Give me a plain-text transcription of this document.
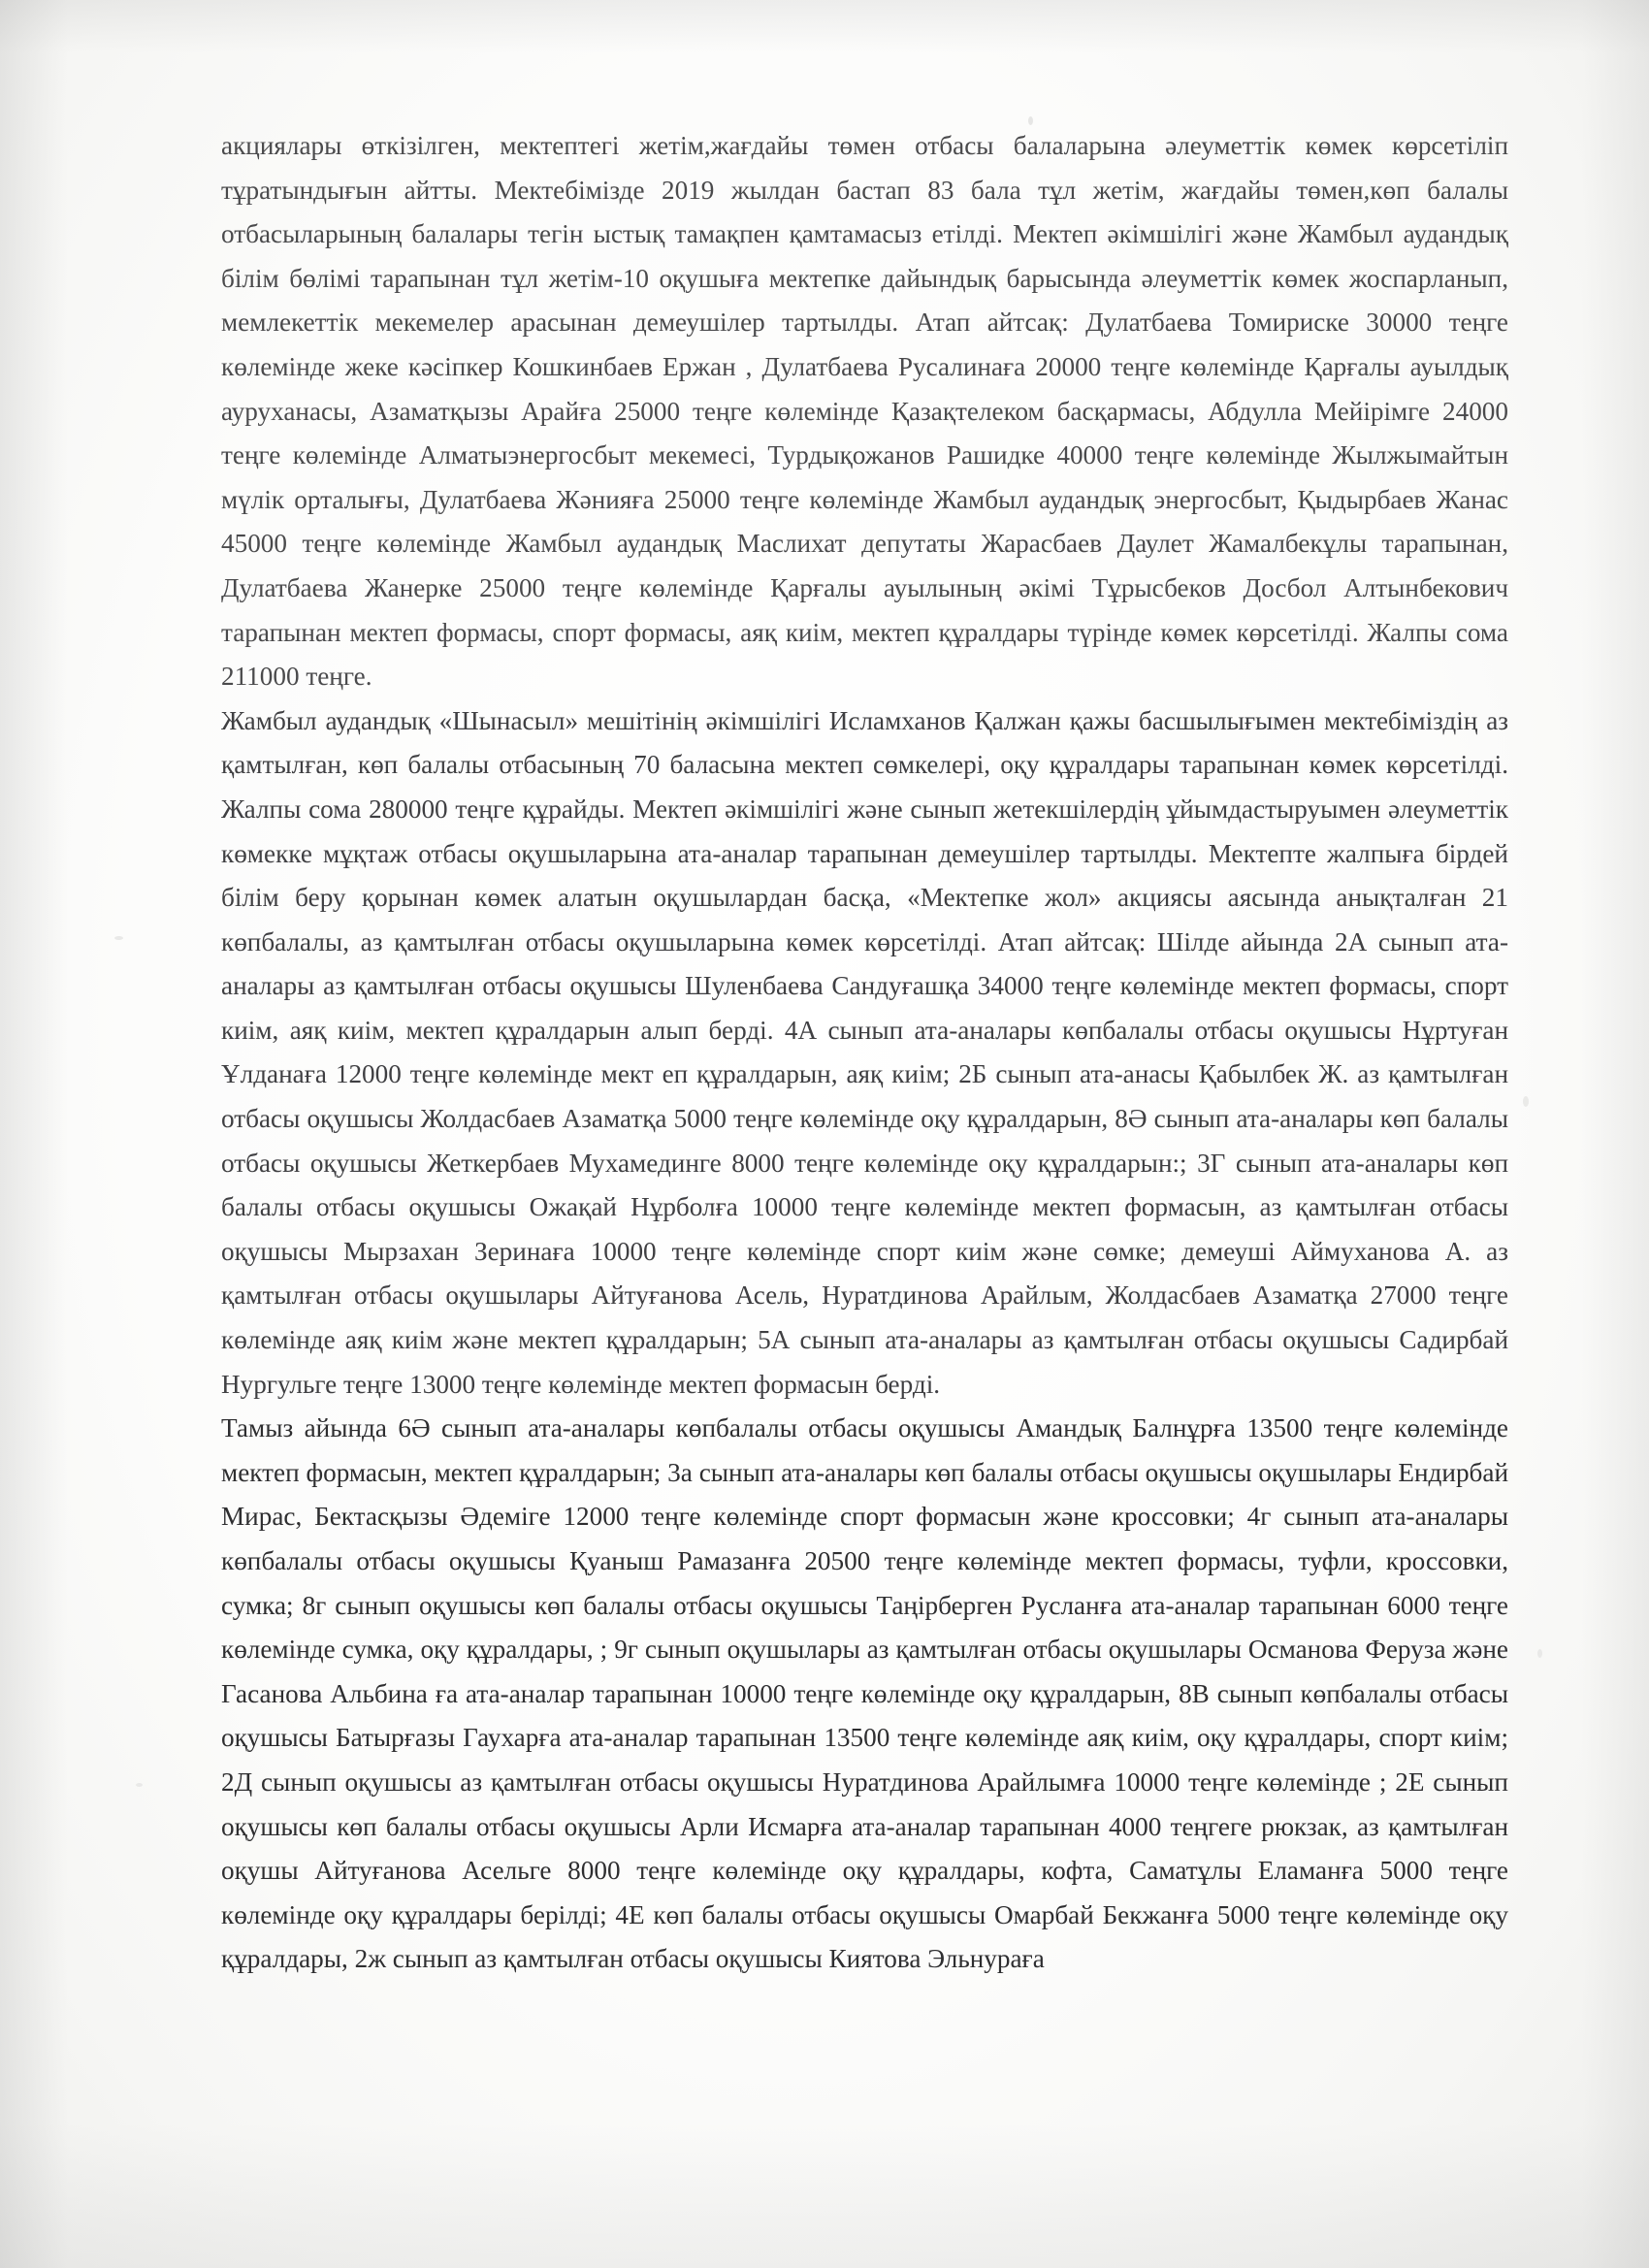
акциялары өткізілген, мектептегі жетім,жағдайы төмен отбасы балаларына әлеуметтік көмек көрсетіліп тұратындығын айтты. Мектебімізде 2019 жылдан бастап 83 бала тұл жетім, жағдайы төмен,көп балалы отбасыларының балалары тегін ыстық тамақпен қамтамасыз етілді. Мектеп әкімшілігі және Жамбыл аудандық білім бөлімі тарапынан тұл жетім-10 оқушыға мектепке дайындық барысында әлеуметтік көмек жоспарланып, мемлекеттік мекемелер арасынан демеушілер тартылды. Атап айтсақ: Дулатбаева Томириске 30000 теңге көлемінде жеке кәсіпкер Кошкинбаев Ержан , Дулатбаева Русалинаға 20000 теңге көлемінде Қарғалы ауылдық ауруханасы, Азаматқызы Арайға 25000 теңге көлемінде Қазақтелеком басқармасы, Абдулла Мейірімге 24000 теңге көлемінде Алматыэнергосбыт мекемесі, Турдықожанов Рашидке 40000 теңге көлемінде Жылжымайтын мүлік орталығы, Дулатбаева Жәнияға 25000 теңге көлемінде Жамбыл аудандық энергосбыт, Қыдырбаев Жанас 45000 теңге көлемінде Жамбыл аудандық Маслихат депутаты Жарасбаев Даулет Жамалбекұлы тарапынан, Дулатбаева Жанерке 25000 теңге көлемінде Қарғалы ауылының әкімі Тұрысбеков Досбол Алтынбекович тарапынан мектеп формасы, спорт формасы, аяқ киім, мектеп құралдары түрінде көмек көрсетілді. Жалпы сома 211000 теңге.

Жамбыл аудандық «Шынасыл» мешітінің әкімшілігі Исламханов Қалжан қажы басшылығымен мектебіміздің аз қамтылған, көп балалы отбасының 70 баласына мектеп сөмкелері, оқу құралдары тарапынан көмек көрсетілді. Жалпы сома 280000 теңге құрайды. Мектеп әкімшілігі және сынып жетекшілердің ұйымдастыруымен әлеуметтік көмекке мұқтаж отбасы оқушыларына ата-аналар тарапынан демеушілер тартылды. Мектепте жалпыға бірдей білім беру қорынан көмек алатын оқушылардан басқа, «Мектепке жол» акциясы аясында анықталған 21 көпбалалы, аз қамтылған отбасы оқушыларына көмек көрсетілді. Атап айтсақ: Шілде айында 2А сынып ата-аналары аз қамтылған отбасы оқушысы Шуленбаева Сандуғашқа 34000 теңге көлемінде мектеп формасы, спорт киім, аяқ киім, мектеп құралдарын алып берді. 4А сынып ата-аналары көпбалалы отбасы оқушысы Нұртуған Ұлданаға 12000 теңге көлемінде мект еп құралдарын, аяқ киім; 2Б сынып ата-анасы Қабылбек Ж. аз қамтылған отбасы оқушысы Жолдасбаев Азаматқа 5000 теңге көлемінде оқу құралдарын, 8Ә сынып ата-аналары көп балалы отбасы оқушысы Жеткербаев Мухамединге 8000 теңге көлемінде оқу құралдарын:; 3Г сынып ата-аналары көп балалы отбасы оқушысы Ожақай Нұрболға 10000 теңге көлемінде мектеп формасын, аз қамтылған отбасы оқушысы Мырзахан Зеринаға 10000 теңге көлемінде спорт киім және сөмке; демеуші Аймуханова А. аз қамтылған отбасы оқушылары Айтуғанова Асель, Нуратдинова Арайлым, Жолдасбаев Азаматқа 27000 теңге көлемінде аяқ киім және мектеп құралдарын; 5А сынып ата-аналары аз қамтылған отбасы оқушысы Садирбай Нургульге теңге 13000 теңге көлемінде мектеп формасын берді.

Тамыз айында 6Ә сынып ата-аналары көпбалалы отбасы оқушысы Амандық Балнұрға 13500 теңге көлемінде мектеп формасын, мектеп құралдарын; 3а сынып ата-аналары көп балалы отбасы оқушысы оқушылары Ендирбай Мирас, Бектасқызы Әдеміге 12000 теңге көлемінде спорт формасын және кроссовки; 4г сынып ата-аналары көпбалалы отбасы оқушысы Қуаныш Рамазанға 20500 теңге көлемінде мектеп формасы, туфли, кроссовки, сумка; 8г сынып оқушысы көп балалы отбасы оқушысы Таңірберген Русланға ата-аналар тарапынан 6000 теңге көлемінде сумка, оқу құралдары, ; 9г сынып оқушылары аз қамтылған отбасы оқушылары Османова Феруза және Гасанова Альбина ға ата-аналар тарапынан 10000 теңге көлемінде оқу құралдарын, 8В сынып көпбалалы отбасы оқушысы Батырғазы Гаухарға ата-аналар тарапынан 13500 теңге көлемінде аяқ киім, оқу құралдары, спорт киім; 2Д сынып оқушысы аз қамтылған отбасы оқушысы Нуратдинова Арайлымға 10000 теңге көлемінде ; 2Е сынып оқушысы көп балалы отбасы оқушысы Арли Исмарға ата-аналар тарапынан 4000 теңгеге рюкзак, аз қамтылған оқушы Айтуғанова Асельге 8000 теңге көлемінде оқу құралдары, кофта, Саматұлы Еламанға 5000 теңге көлемінде оқу құралдары берілді; 4Е көп балалы отбасы оқушысы Омарбай Бекжанға 5000 теңге көлемінде оқу құралдары, 2ж сынып аз қамтылған отбасы оқушысы Киятова Эльнураға
